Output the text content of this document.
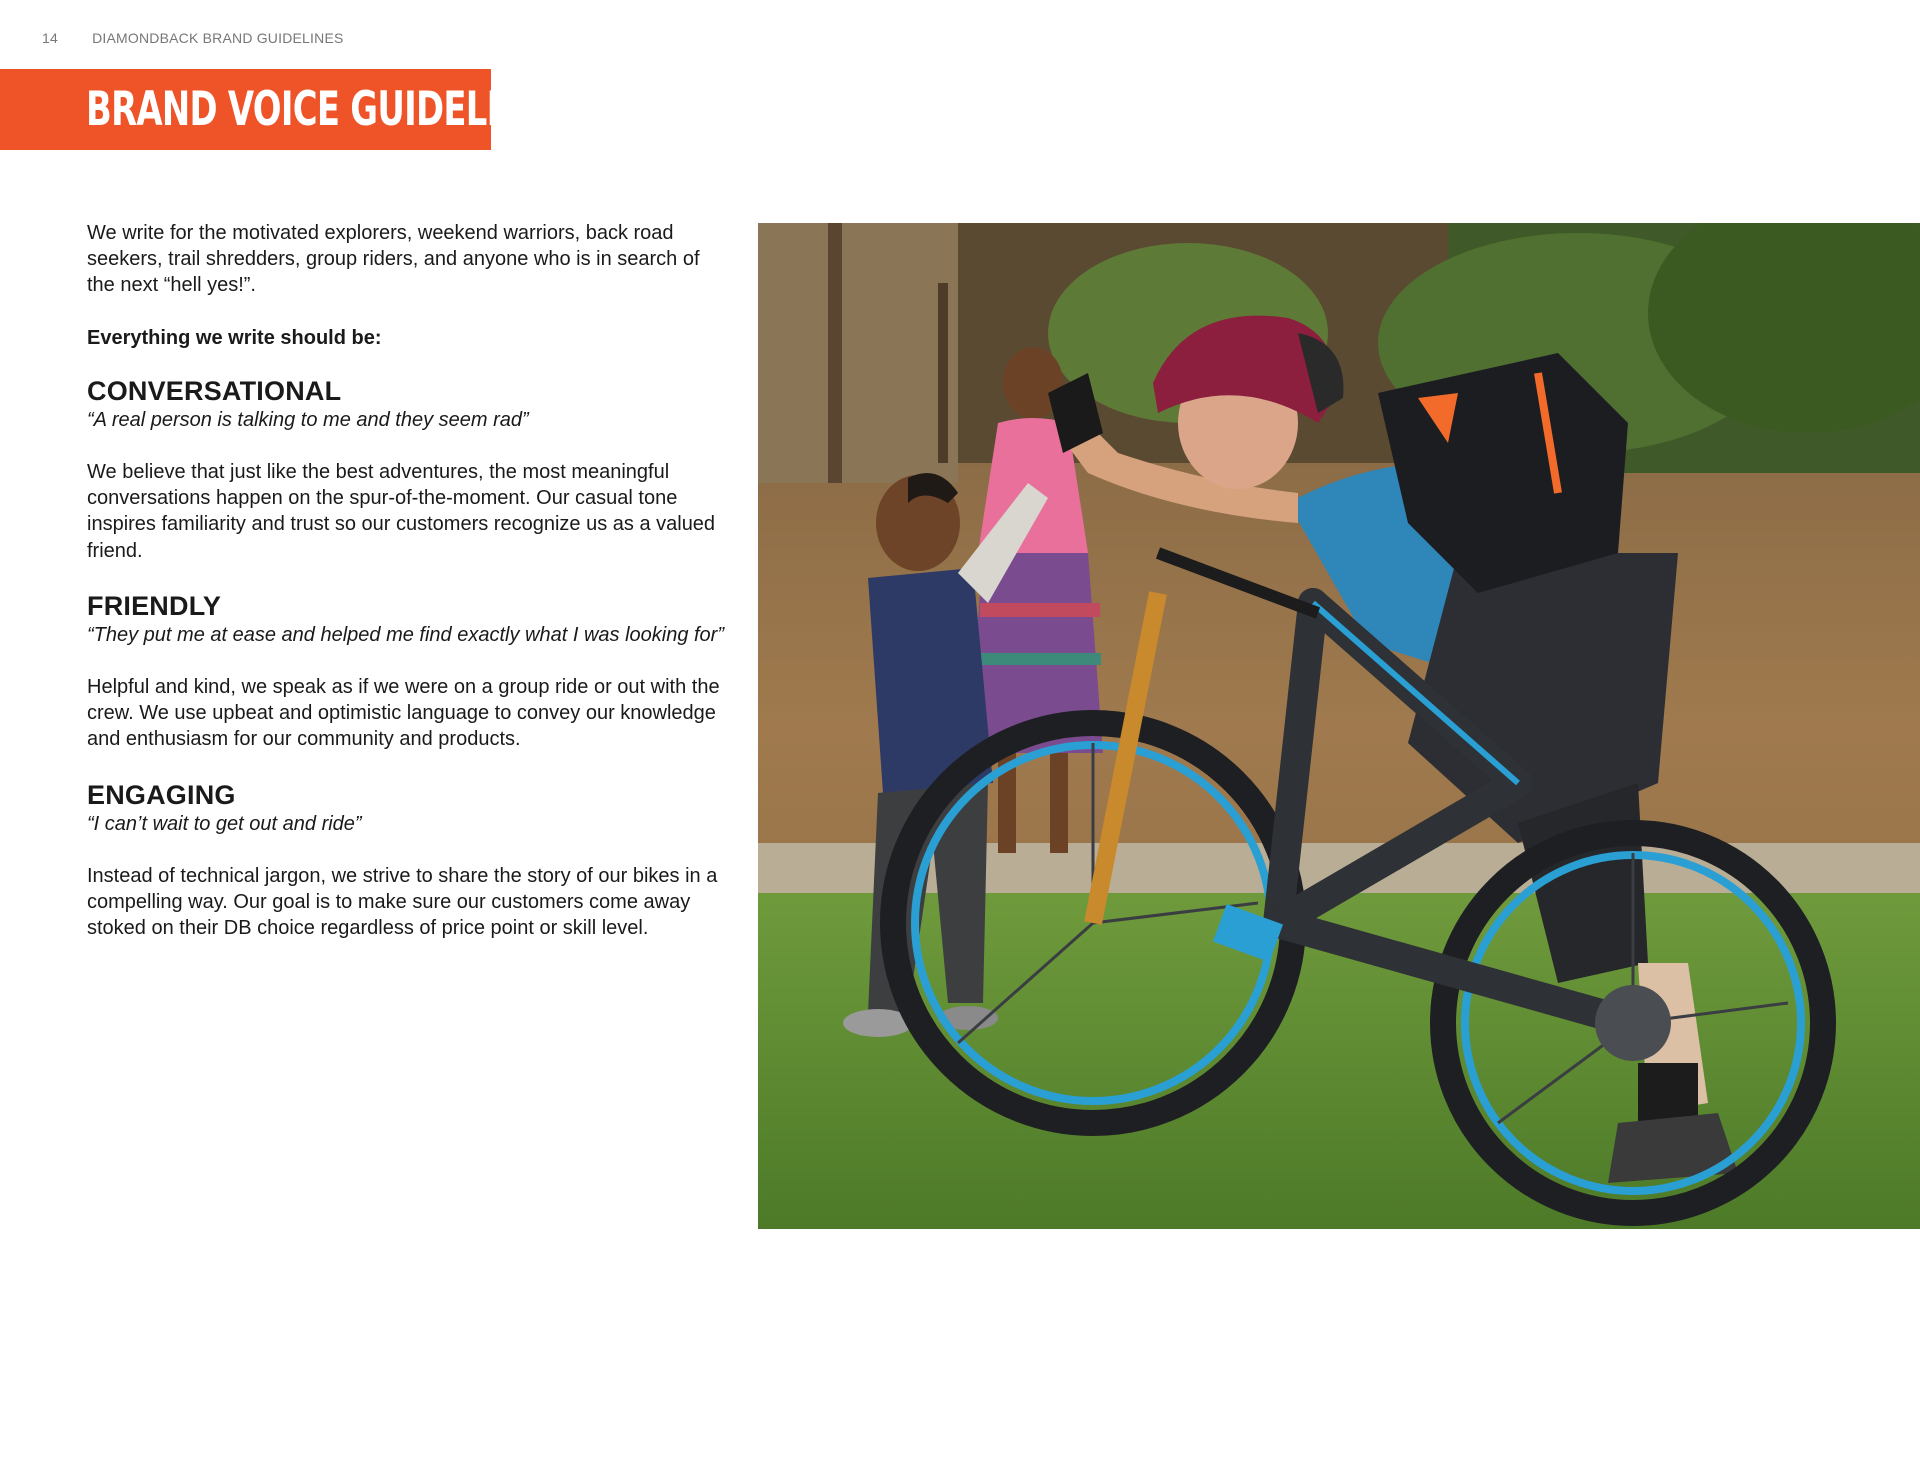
14 DIAMONDBACK BRAND GUIDELINES
BRAND VOICE GUIDELINES

We write for the motivated explorers, weekend warriors, back road seekers, trail shredders, group riders, and anyone who is in search of the next “hell yes!”.

Everything we write should be:

CONVERSATIONAL

“A real person is talking to me and they seem rad”

We believe that just like the best adventures, the most meaningful conversations happen on the spur-of-the-moment. Our casual tone inspires familiarity and trust so our customers recognize us as a valued friend.

FRIENDLY

“They put me at ease and helped me find exactly what I was looking for”

Helpful and kind, we speak as if we were on a group ride or out with the crew. We use upbeat and optimistic language to convey our knowledge and enthusiasm for our community and products.

ENGAGING

“I can’t wait to get out and ride”

Instead of technical jargon, we strive to share the story of our bikes in a compelling way. Our goal is to make sure our customers come away stoked on their DB choice regardless of price point or skill level.
